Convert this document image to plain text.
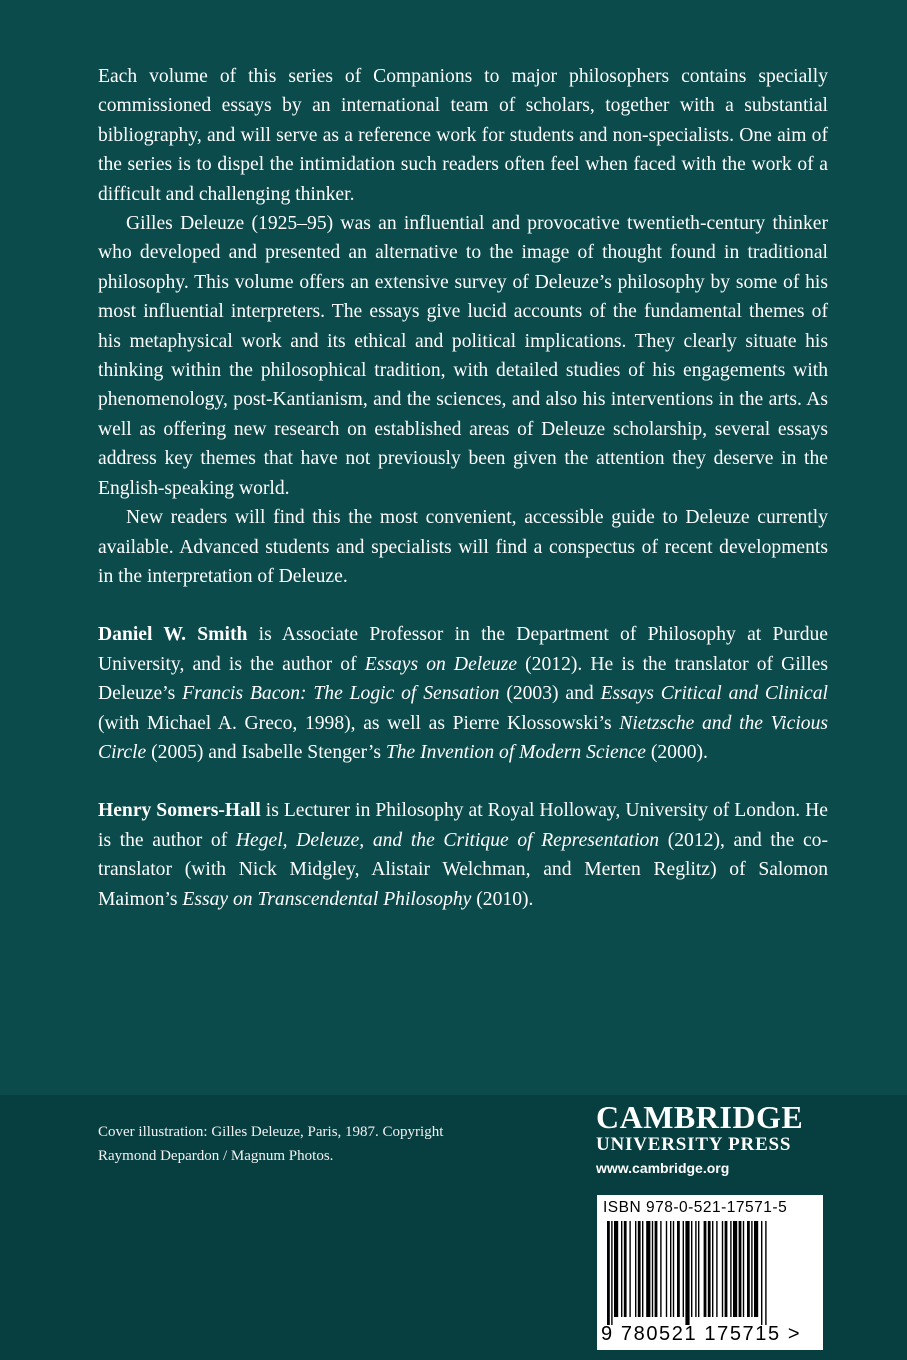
Each volume of this series of Companions to major philosophers contains specially commissioned essays by an international team of scholars, together with a substantial bibliography, and will serve as a reference work for students and non-specialists. One aim of the series is to dispel the intimidation such readers often feel when faced with the work of a difficult and challenging thinker.

Gilles Deleuze (1925–95) was an influential and provocative twentieth-century thinker who developed and presented an alternative to the image of thought found in traditional philosophy. This volume offers an extensive survey of Deleuze’s philosophy by some of his most influential interpreters. The essays give lucid accounts of the fundamental themes of his metaphysical work and its ethical and political implications. They clearly situate his thinking within the philosophical tradition, with detailed studies of his engagements with phenomenology, post-Kantianism, and the sciences, and also his interventions in the arts. As well as offering new research on established areas of Deleuze scholarship, several essays address key themes that have not previously been given the attention they deserve in the English-speaking world.

New readers will find this the most convenient, accessible guide to Deleuze currently available. Advanced students and specialists will find a conspectus of recent developments in the interpretation of Deleuze.

Daniel W. Smith is Associate Professor in the Department of Philosophy at Purdue University, and is the author of Essays on Deleuze (2012). He is the translator of Gilles Deleuze’s Francis Bacon: The Logic of Sensation (2003) and Essays Critical and Clinical (with Michael A. Greco, 1998), as well as Pierre Klossowski’s Nietzsche and the Vicious Circle (2005) and Isabelle Stenger’s The Invention of Modern Science (2000).

Henry Somers-Hall is Lecturer in Philosophy at Royal Holloway, University of London. He is the author of Hegel, Deleuze, and the Critique of Representation (2012), and the co-translator (with Nick Midgley, Alistair Welchman, and Merten Reglitz) of Salomon Maimon’s Essay on Transcendental Philosophy (2010).

Cover illustration: Gilles Deleuze, Paris, 1987. Copyright
Raymond Depardon / Magnum Photos.
CAMBRIDGE
UNIVERSITY PRESS
www.cambridge.org
ISBN 978-0-521-17571-5
9 780521 175715 >
